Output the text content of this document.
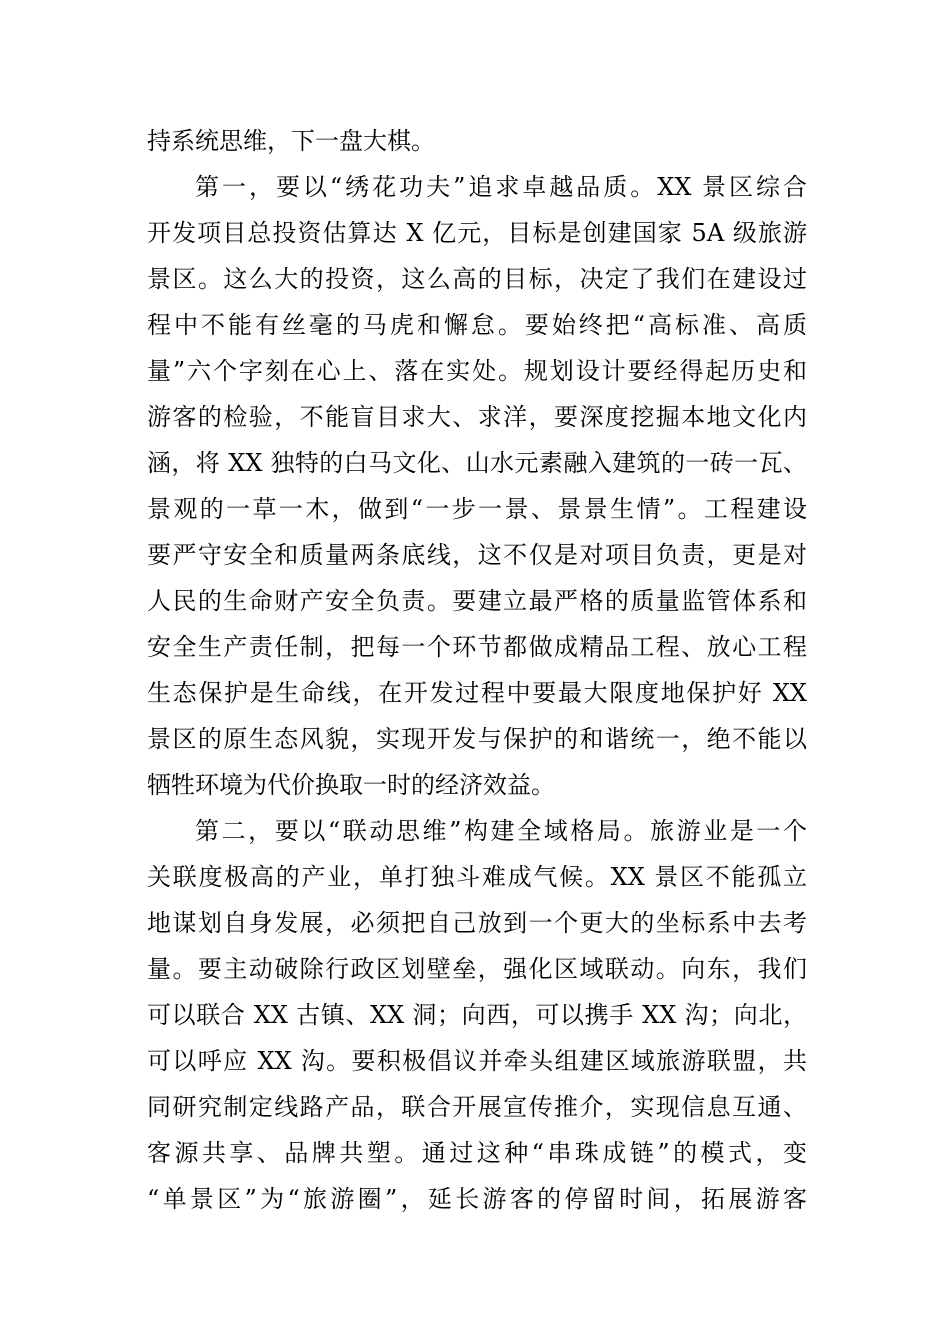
持系统思维，下一盘大棋。
第一，要以“绣花功夫”追求卓越品质。XX 景区综合
开发项目总投资估算达 X 亿元，目标是创建国家 5A 级旅游
景区。这么大的投资，这么高的目标，决定了我们在建设过
程中不能有丝毫的马虎和懈怠。要始终把“高标准、高质
量”六个字刻在心上、落在实处。规划设计要经得起历史和
游客的检验，不能盲目求大、求洋，要深度挖掘本地文化内
涵，将 XX 独特的白马文化、山水元素融入建筑的一砖一瓦、
景观的一草一木，做到“一步一景、景景生情”。工程建设
要严守安全和质量两条底线，这不仅是对项目负责，更是对
人民的生命财产安全负责。要建立最严格的质量监管体系和
安全生产责任制，把每一个环节都做成精品工程、放心工程
生态保护是生命线，在开发过程中要最大限度地保护好 XX
景区的原生态风貌，实现开发与保护的和谐统一，绝不能以
牺牲环境为代价换取一时的经济效益。
第二，要以“联动思维”构建全域格局。旅游业是一个
关联度极高的产业，单打独斗难成气候。XX 景区不能孤立
地谋划自身发展，必须把自己放到一个更大的坐标系中去考
量。要主动破除行政区划壁垒，强化区域联动。向东，我们
可以联合 XX 古镇、XX 洞；向西，可以携手 XX 沟；向北，
可以呼应 XX 沟。要积极倡议并牵头组建区域旅游联盟，共
同研究制定线路产品，联合开展宣传推介，实现信息互通、
客源共享、品牌共塑。通过这种“串珠成链”的模式，变
“单景区”为“旅游圈”，延长游客的停留时间，拓展游客
